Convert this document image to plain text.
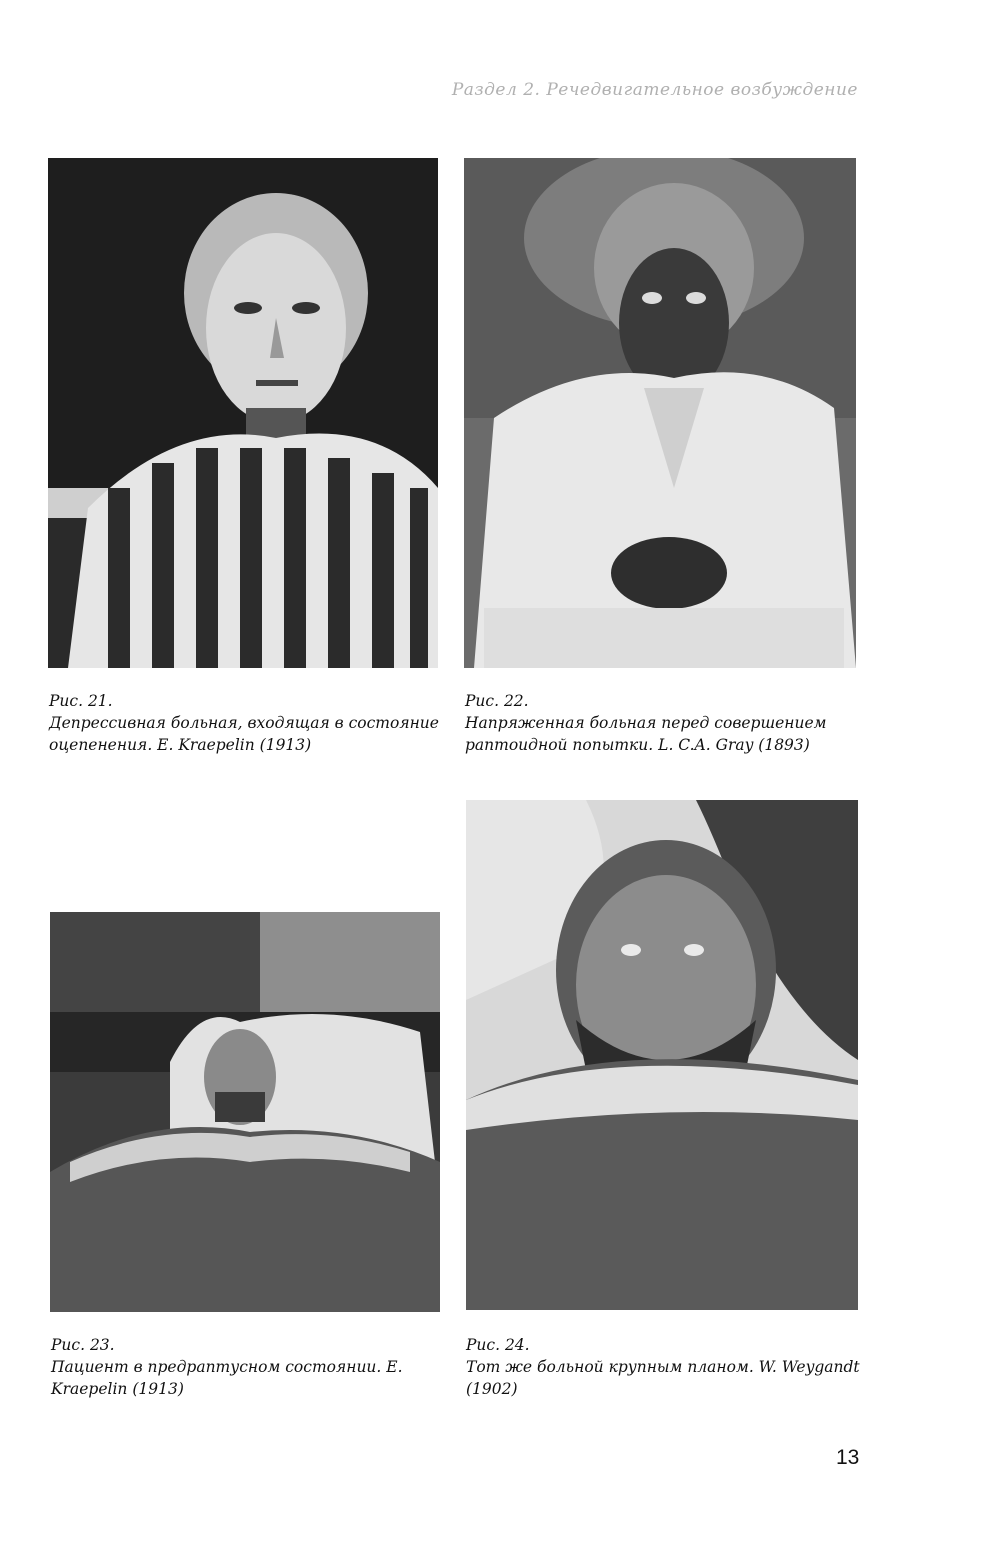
Раздел 2. Речедвигательное возбуждение
Рис. 21.
Депрессивная больная, входящая в состояние оцепенения. E. Kraepelin (1913)
Рис. 22.
Напряженная больная перед совершением раптоидной попытки. L. C.A. Gray (1893)
Рис. 23.
Пациент в предраптусном состоянии. E. Kraepelin (1913)
Рис. 24.
Тот же больной крупным планом. W. Weygandt (1902)
13
